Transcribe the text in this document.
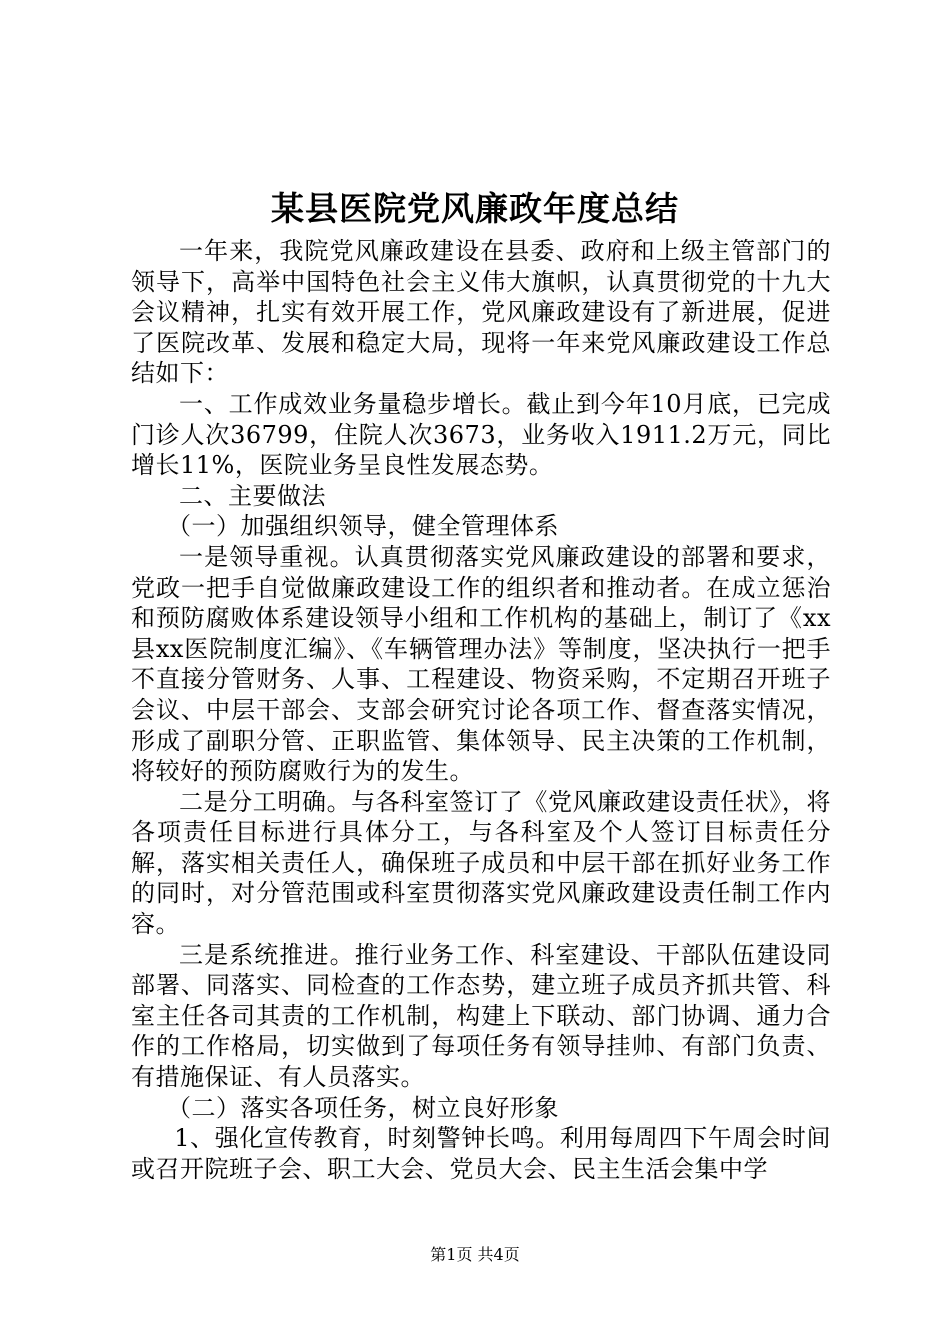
某县医院党风廉政年度总结

一年来，我院党风廉政建设在县委、政府和上级主管部门的领导下，高举中国特色社会主义伟大旗帜，认真贯彻党的十九大会议精神，扎实有效开展工作，党风廉政建设有了新进展，促进了医院改革、发展和稳定大局，现将一年来党风廉政建设工作总结如下：

一、工作成效业务量稳步增长。截止到今年10月底，已完成门诊人次36799，住院人次3673，业务收入1911.2万元，同比增长11%，医院业务呈良性发展态势。

二、主要做法

（一）加强组织领导，健全管理体系

一是领导重视。认真贯彻落实党风廉政建设的部署和要求，党政一把手自觉做廉政建设工作的组织者和推动者。在成立惩治和预防腐败体系建设领导小组和工作机构的基础上，制订了《xx县xx医院制度汇编》、《车辆管理办法》等制度，坚决执行一把手不直接分管财务、人事、工程建设、物资采购，不定期召开班子会议、中层干部会、支部会研究讨论各项工作、督查落实情况，形成了副职分管、正职监管、集体领导、民主决策的工作机制，将较好的预防腐败行为的发生。

二是分工明确。与各科室签订了《党风廉政建设责任状》，将各项责任目标进行具体分工，与各科室及个人签订目标责任分解，落实相关责任人，确保班子成员和中层干部在抓好业务工作的同时，对分管范围或科室贯彻落实党风廉政建设责任制工作内容。

三是系统推进。推行业务工作、科室建设、干部队伍建设同部署、同落实、同检查的工作态势，建立班子成员齐抓共管、科室主任各司其责的工作机制，构建上下联动、部门协调、通力合作的工作格局，切实做到了每项任务有领导挂帅、有部门负责、有措施保证、有人员落实。

（二）落实各项任务，树立良好形象

1、强化宣传教育，时刻警钟长鸣。利用每周四下午周会时间或召开院班子会、职工大会、党员大会、民主生活会集中学

第1页 共4页
